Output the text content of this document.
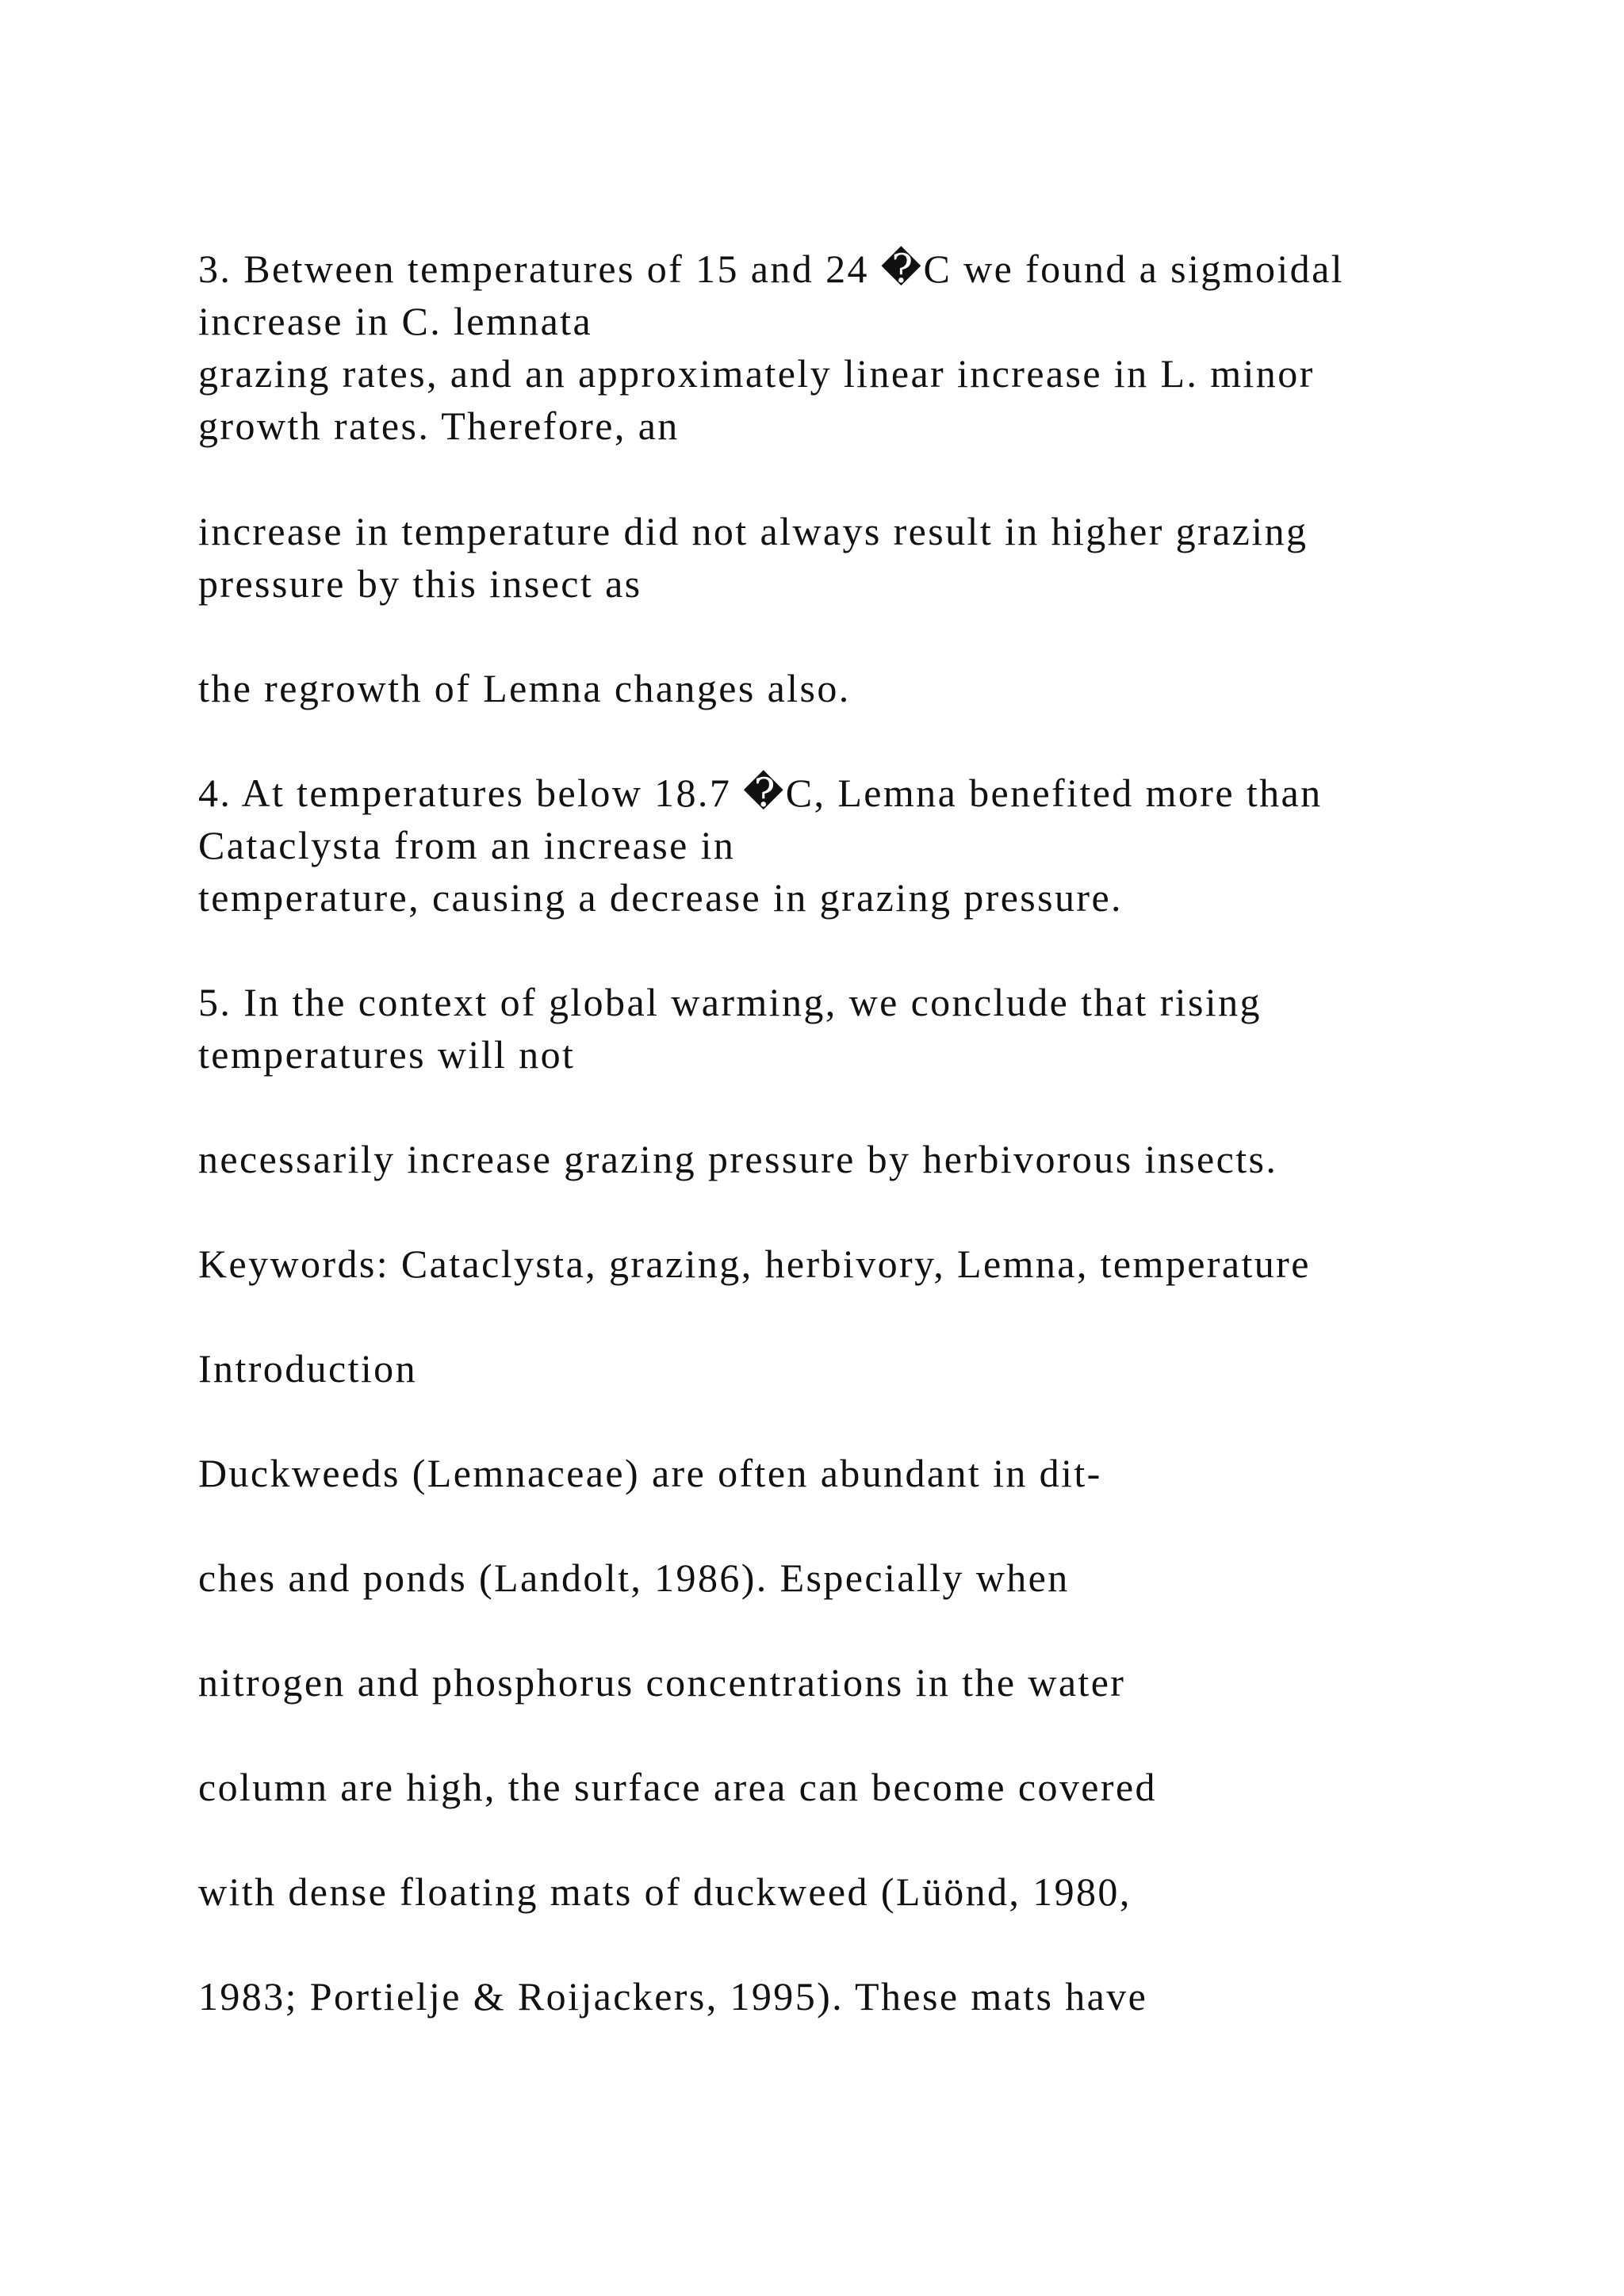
3. Between temperatures of 15 and 24 �C we found a sigmoidal
increase in C. lemnata
grazing rates, and an approximately linear increase in L. minor
growth rates. Therefore, an
increase in temperature did not always result in higher grazing
pressure by this insect as
the regrowth of Lemna changes also.
4. At temperatures below 18.7 �C, Lemna benefited more than
Cataclysta from an increase in
temperature, causing a decrease in grazing pressure.
5. In the context of global warming, we conclude that rising
temperatures will not
necessarily increase grazing pressure by herbivorous insects.
Keywords: Cataclysta, grazing, herbivory, Lemna, temperature
Introduction
Duckweeds (Lemnaceae) are often abundant in dit-
ches and ponds (Landolt, 1986). Especially when
nitrogen and phosphorus concentrations in the water
column are high, the surface area can become covered
with dense floating mats of duckweed (Lüönd, 1980,
1983; Portielje & Roijackers, 1995). These mats have
